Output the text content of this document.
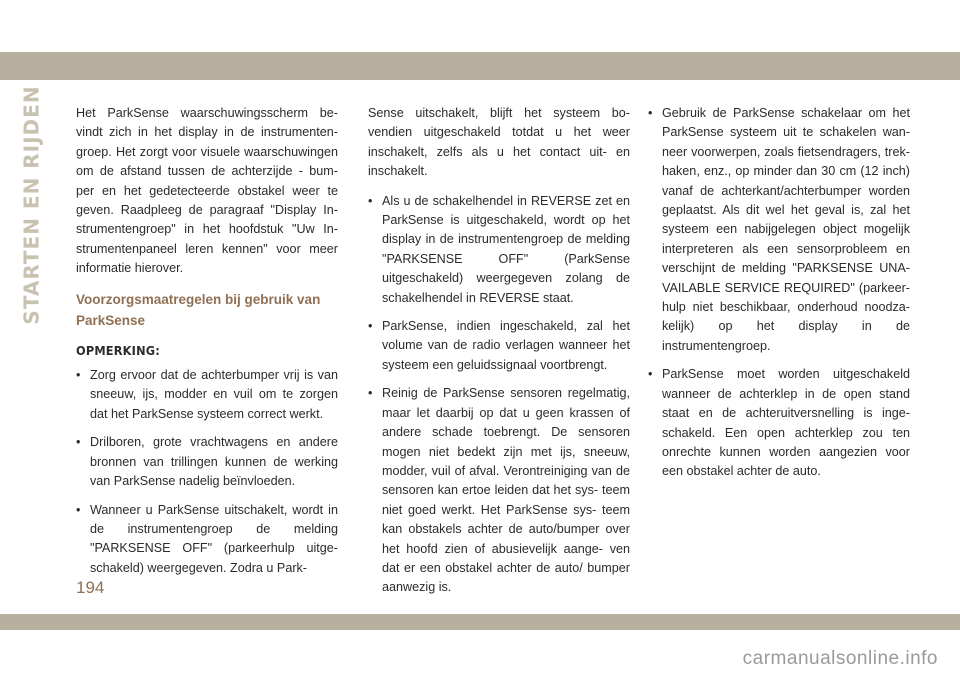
STARTEN EN RIJDEN	Het ParkSense waarschuwingsscherm be- vindt zich in het display in de instrumenten- groep. Het zorgt voor visuele waarschuwingen om de afstand tussen de achterzijde - bum- per en het gedetecteerde obstakel weer te geven. Raadpleeg de paragraaf "Display In- strumentengroep" in het hoofdstuk "Uw In- strumentenpaneel leren kennen" voor meer informatie hierover.

Voorzorgsmaatregelen bij gebruik van ParkSense
OPMERKING:
• Zorg ervoor dat de achterbumper vrij is van sneeuw, ijs, modder en vuil om te zorgen dat het ParkSense systeem correct werkt.
• Drilboren, grote vrachtwagens en andere bronnen van trillingen kunnen de werking van ParkSense nadelig beïnvloeden.
• Wanneer u ParkSense uitschakelt, wordt in de instrumentengroep de melding "PARKSENSE OFF" (parkeerhulp uitge- schakeld) weergegeven. Zodra u Park-

Sense uitschakelt, blijft het systeem bo- vendien uitgeschakeld totdat u het weer inschakelt, zelfs als u het contact uit- en inschakelt.

• Als u de schakelhendel in REVERSE zet en ParkSense is uitgeschakeld, wordt op het display in de instrumentengroep de melding "PARKSENSE OFF" (ParkSense uitgeschakeld) weergegeven zolang de schakelhendel in REVERSE staat.
• ParkSense, indien ingeschakeld, zal het volume van de radio verlagen wanneer het systeem een geluidssignaal voortbrengt.
• Reinig de ParkSense sensoren regelmatig, maar let daarbij op dat u geen krassen of andere schade toebrengt. De sensoren mogen niet bedekt zijn met ijs, sneeuw, modder, vuil of afval. Verontreiniging van de sensoren kan ertoe leiden dat het sys- teem niet goed werkt. Het ParkSense sys- teem kan obstakels achter de auto/bumper over het hoofd zien of abusievelijk aange- ven dat er een obstakel achter de auto/ bumper aanwezig is.
• Gebruik de ParkSense schakelaar om het ParkSense systeem uit te schakelen wan- neer voorwerpen, zoals fietsendragers, trek- haken, enz., op minder dan 30 cm (12 inch) vanaf de achterkant/achterbumper worden geplaatst. Als dit wel het geval is, zal het systeem een nabijgelegen object mogelijk interpreteren als een sensorprobleem en verschijnt de melding "PARKSENSE UNA- VAILABLE SERVICE REQUIRED" (parkeer- hulp niet beschikbaar, onderhoud noodza- kelijk) op het display in de instrumentengroep.
• ParkSense moet worden uitgeschakeld wanneer de achterklep in de open stand staat en de achteruitversnelling is inge- schakeld. Een open achterklep zou ten onrechte kunnen worden aangezien voor een obstakel achter de auto.
194
carmanualsonline.info
